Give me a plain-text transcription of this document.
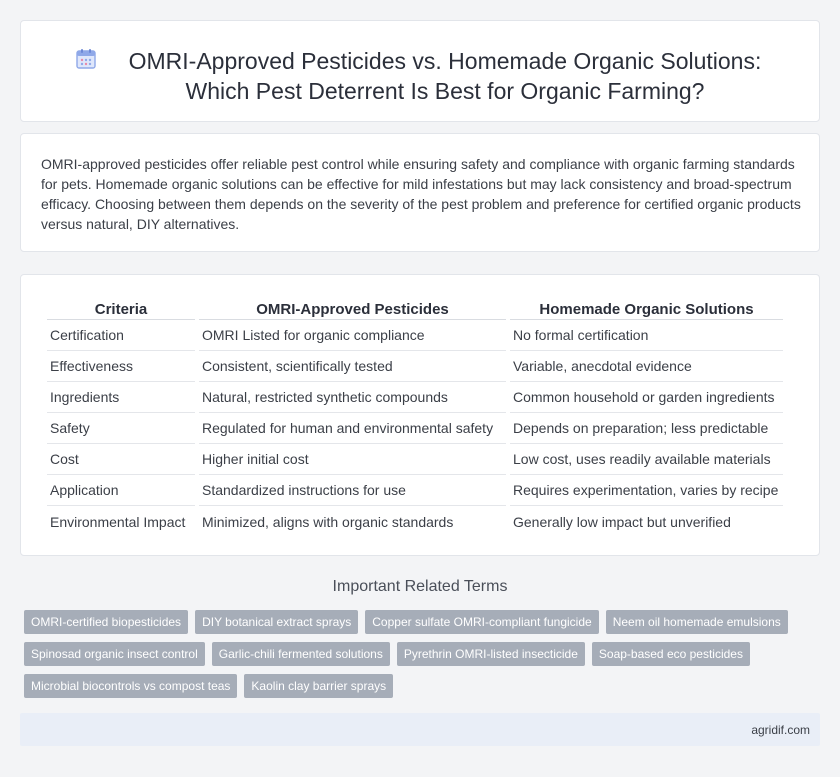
OMRI-Approved Pesticides vs. Homemade Organic Solutions: Which Pest Deterrent Is Best for Organic Farming?

OMRI-approved pesticides offer reliable pest control while ensuring safety and compliance with organic farming standards for pets. Homemade organic solutions can be effective for mild infestations but may lack consistency and broad-spectrum efficacy. Choosing between them depends on the severity of the pest problem and preference for certified organic products versus natural, DIY alternatives.

Criteria	OMRI-Approved Pesticides	Homemade Organic Solutions
Certification	OMRI Listed for organic compliance	No formal certification
Effectiveness	Consistent, scientifically tested	Variable, anecdotal evidence
Ingredients	Natural, restricted synthetic compounds	Common household or garden ingredients
Safety	Regulated for human and environmental safety	Depends on preparation; less predictable
Cost	Higher initial cost	Low cost, uses readily available materials
Application	Standardized instructions for use	Requires experimentation, varies by recipe
Environmental Impact	Minimized, aligns with organic standards	Generally low impact but unverified
Important Related Terms
OMRI-certified biopesticides	DIY botanical extract sprays	Copper sulfate OMRI-compliant fungicide	Neem oil homemade emulsions
Spinosad organic insect control	Garlic-chili fermented solutions	Pyrethrin OMRI-listed insecticide	Soap-based eco pesticides
Microbial biocontrols vs compost teas	Kaolin clay barrier sprays
agridif.com
